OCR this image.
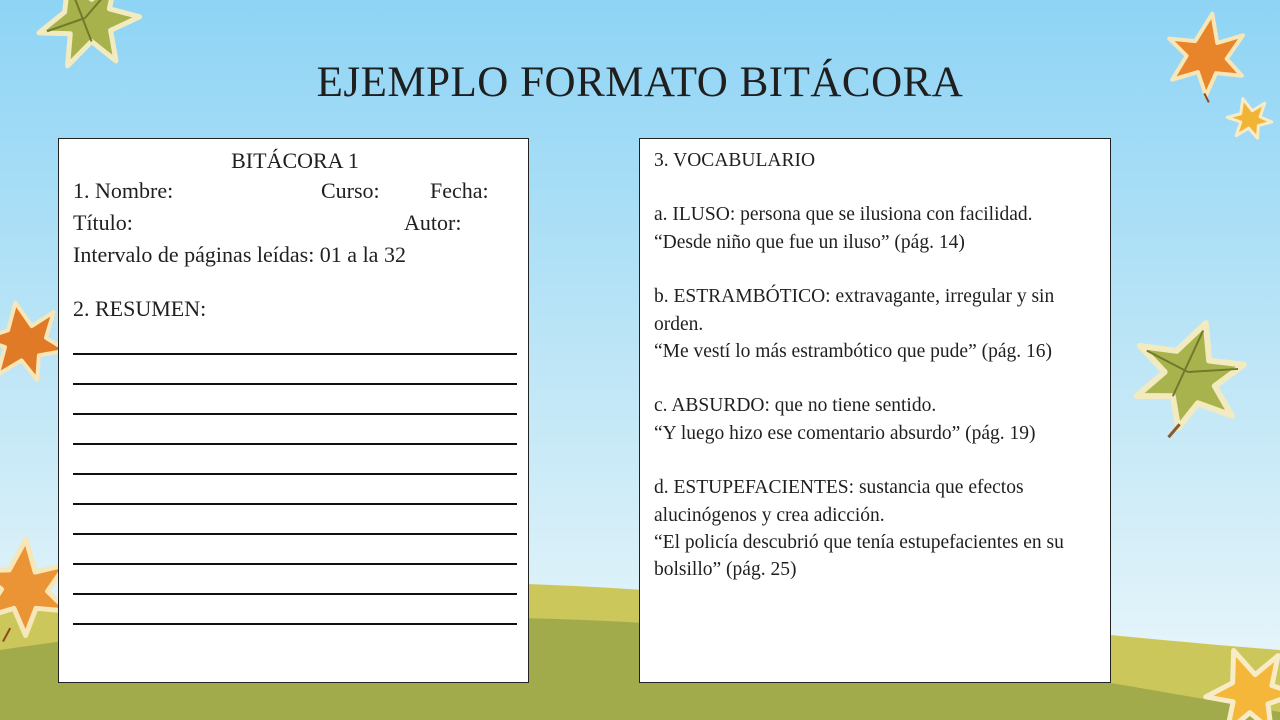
EJEMPLO FORMATO BITÁCORA
BITÁCORA 1
1. Nombre:	Curso: Fecha:
Título:	Autor:
Intervalo de páginas leídas: 01 a la 32
2. RESUMEN:
3. VOCABULARIO
a. ILUSO: persona que se ilusiona con facilidad.
“Desde niño que fue un iluso” (pág. 14)
b. ESTRAMBÓTICO: extravagante, irregular y sin orden.
“Me vestí lo más estrambótico que pude” (pág. 16)
c. ABSURDO: que no tiene sentido.
“Y luego hizo ese comentario absurdo” (pág. 19)
d. ESTUPEFACIENTES: sustancia que efectos alucinógenos y crea adicción.
“El policía descubrió que tenía estupefacientes en su bolsillo” (pág. 25)
